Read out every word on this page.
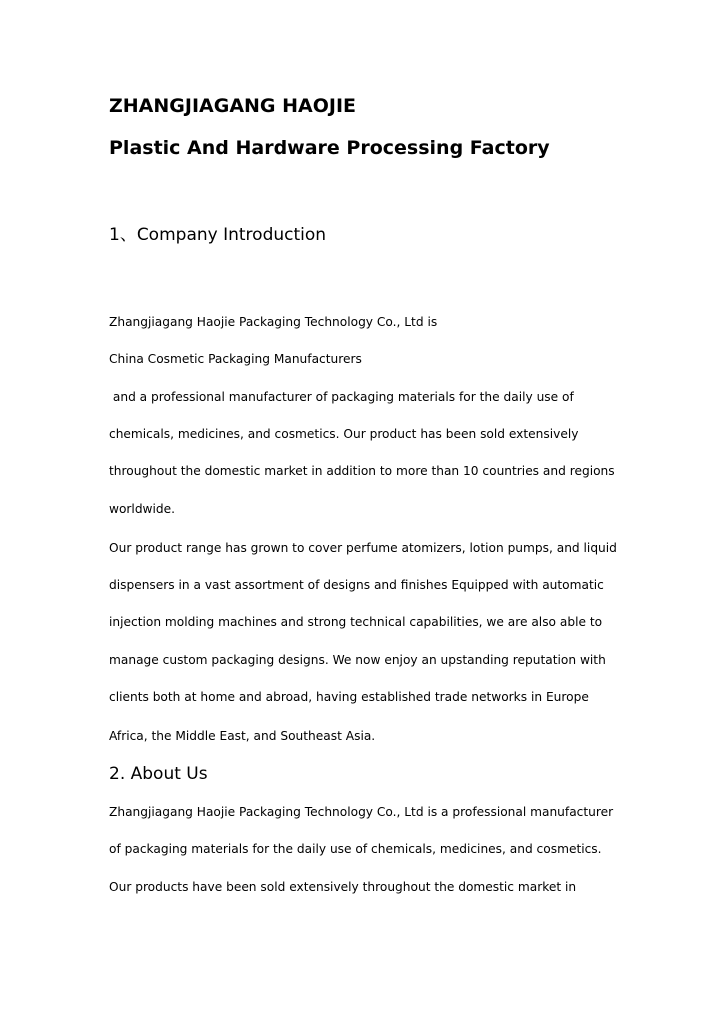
ZHANGJIAGANG HAOJIE
Plastic And Hardware Processing Factory
1、Company Introduction

Zhangjiagang Haojie Packaging Technology Co., Ltd is

China Cosmetic Packaging Manufacturers

and a professional manufacturer of packaging materials for the daily use of

chemicals, medicines, and cosmetics. Our product has been sold extensively

throughout the domestic market in addition to more than 10 countries and regions

worldwide.

Our product range has grown to cover perfume atomizers, lotion pumps, and liquid

dispensers in a vast assortment of designs and finishes Equipped with automatic

injection molding machines and strong technical capabilities, we are also able to

manage custom packaging designs. We now enjoy an upstanding reputation with

clients both at home and abroad, having established trade networks in Europe

Africa, the Middle East, and Southeast Asia.

2. About Us

Zhangjiagang Haojie Packaging Technology Co., Ltd is a professional manufacturer

of packaging materials for the daily use of chemicals, medicines, and cosmetics.

Our products have been sold extensively throughout the domestic market in
